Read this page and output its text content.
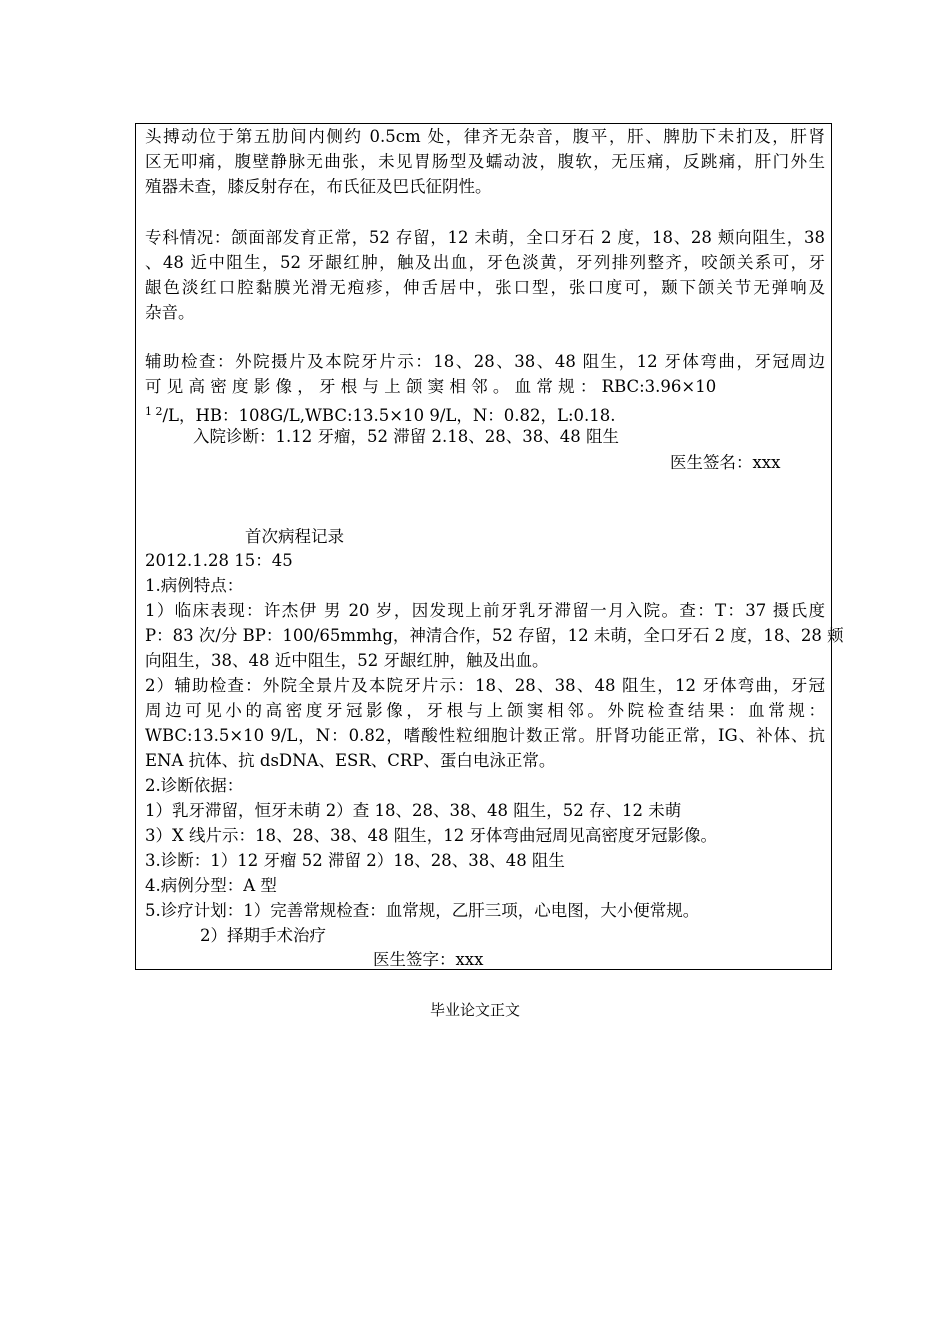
头搏动位于第五肋间内侧约 0.5cm 处，律齐无杂音，腹平，肝、脾肋下未扪及，肝肾
区无叩痛，腹壁静脉无曲张，未见胃肠型及蠕动波，腹软，无压痛，反跳痛，肝门外生
殖器未查，膝反射存在，布氏征及巴氏征阴性。
专科情况：颌面部发育正常，52 存留，12 未萌，全口牙石 2 度，18、28 颊向阻生，38
、48 近中阻生，52 牙龈红肿，触及出血，牙色淡黄，牙列排列整齐，咬颌关系可，牙
龈色淡红口腔黏膜光滑无疱疹，伸舌居中，张口型，张口度可，颞下颌关节无弹响及
杂音。
辅助检查：外院摄片及本院牙片示：18、28、38、48 阻生，12 牙体弯曲，牙冠周边
可 见 高 密 度 影 像 ， 牙 根 与 上 颌 窦 相 邻 。 血 常 规 ： RBC:3.96×10
$^{1 2}$/L，HB：108G/L,WBC:13.5×10 9/L，N：0.82，L:0.18.
入院诊断：1.12 牙瘤，52 滞留 2.18、28、38、48 阻生
医生签名：xxx
首次病程记录
2012.1.28 15：45
1.病例特点：
1）临床表现：许杰伊 男 20 岁，因发现上前牙乳牙滞留一月入院。查：T：37 摄氏度
P：83 次/分 BP：100/65mmhg，神清合作，52 存留，12 未萌，全口牙石 2 度，18、28 颊
向阻生，38、48 近中阻生，52 牙龈红肿，触及出血。
2）辅助检查：外院全景片及本院牙片示：18、28、38、48 阻生，12 牙体弯曲，牙冠
周边可见小的高密度牙冠影像，牙根与上颌窦相邻。外院检查结果：血常规：
WBC:13.5×10 9/L，N：0.82，嗜酸性粒细胞计数正常。肝肾功能正常，IG、补体、抗
ENA 抗体、抗 dsDNA、ESR、CRP、蛋白电泳正常。
2.诊断依据：
1）乳牙滞留，恒牙未萌 2）查 18、28、38、48 阻生，52 存、12 未萌
3）X 线片示：18、28、38、48 阻生，12 牙体弯曲冠周见高密度牙冠影像。
3.诊断：1）12 牙瘤 52 滞留 2）18、28、38、48 阻生
4.病例分型：A 型
5.诊疗计划：1）完善常规检查：血常规，乙肝三项，心电图，大小便常规。
2）择期手术治疗
医生签字：xxx
毕业论文正文
